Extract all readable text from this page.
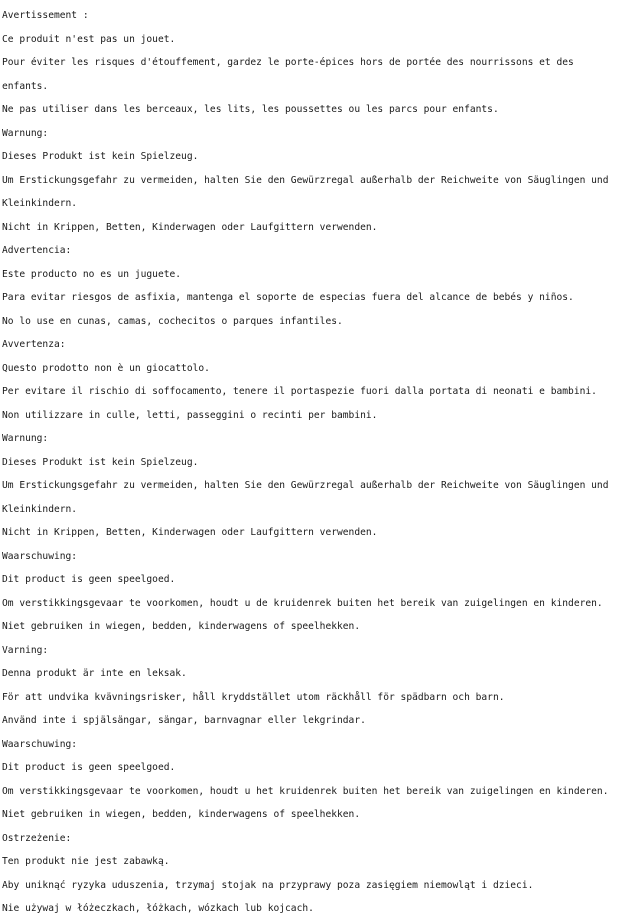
Avertissement :

Ce produit n'est pas un jouet.

Pour éviter les risques d'étouffement, gardez le porte-épices hors de portée des nourrissons et des enfants.

Ne pas utiliser dans les berceaux, les lits, les poussettes ou les parcs pour enfants.

Warnung:

Dieses Produkt ist kein Spielzeug.

Um Erstickungsgefahr zu vermeiden, halten Sie den Gewürzregal außerhalb der Reichweite von Säuglingen und

Kleinkindern.

Nicht in Krippen, Betten, Kinderwagen oder Laufgittern verwenden.

Advertencia:

Este producto no es un juguete.

Para evitar riesgos de asfixia, mantenga el soporte de especias fuera del alcance de bebés y niños.

No lo use en cunas, camas, cochecitos o parques infantiles.

Avvertenza:

Questo prodotto non è un giocattolo.

Per evitare il rischio di soffocamento, tenere il portaspezie fuori dalla portata di neonati e bambini.

Non utilizzare in culle, letti, passeggini o recinti per bambini.

Warnung:

Dieses Produkt ist kein Spielzeug.

Um Erstickungsgefahr zu vermeiden, halten Sie den Gewürzregal außerhalb der Reichweite von Säuglingen und

Kleinkindern.

Nicht in Krippen, Betten, Kinderwagen oder Laufgittern verwenden.

Waarschuwing:

Dit product is geen speelgoed.

Om verstikkingsgevaar te voorkomen, houdt u de kruidenrek buiten het bereik van zuigelingen en kinderen.

Niet gebruiken in wiegen, bedden, kinderwagens of speelhekken.

Varning:

Denna produkt är inte en leksak.

För att undvika kvävningsrisker, håll kryddstället utom räckhåll för spädbarn och barn.

Använd inte i spjälsängar, sängar, barnvagnar eller lekgrindar.

Waarschuwing:

Dit product is geen speelgoed.

Om verstikkingsgevaar te voorkomen, houdt u het kruidenrek buiten het bereik van zuigelingen en kinderen.

Niet gebruiken in wiegen, bedden, kinderwagens of speelhekken.

Ostrzeżenie:

Ten produkt nie jest zabawką.

Aby uniknąć ryzyka uduszenia, trzymaj stojak na przyprawy poza zasięgiem niemowląt i dzieci.

Nie używaj w łóżeczkach, łóżkach, wózkach lub kojcach.
